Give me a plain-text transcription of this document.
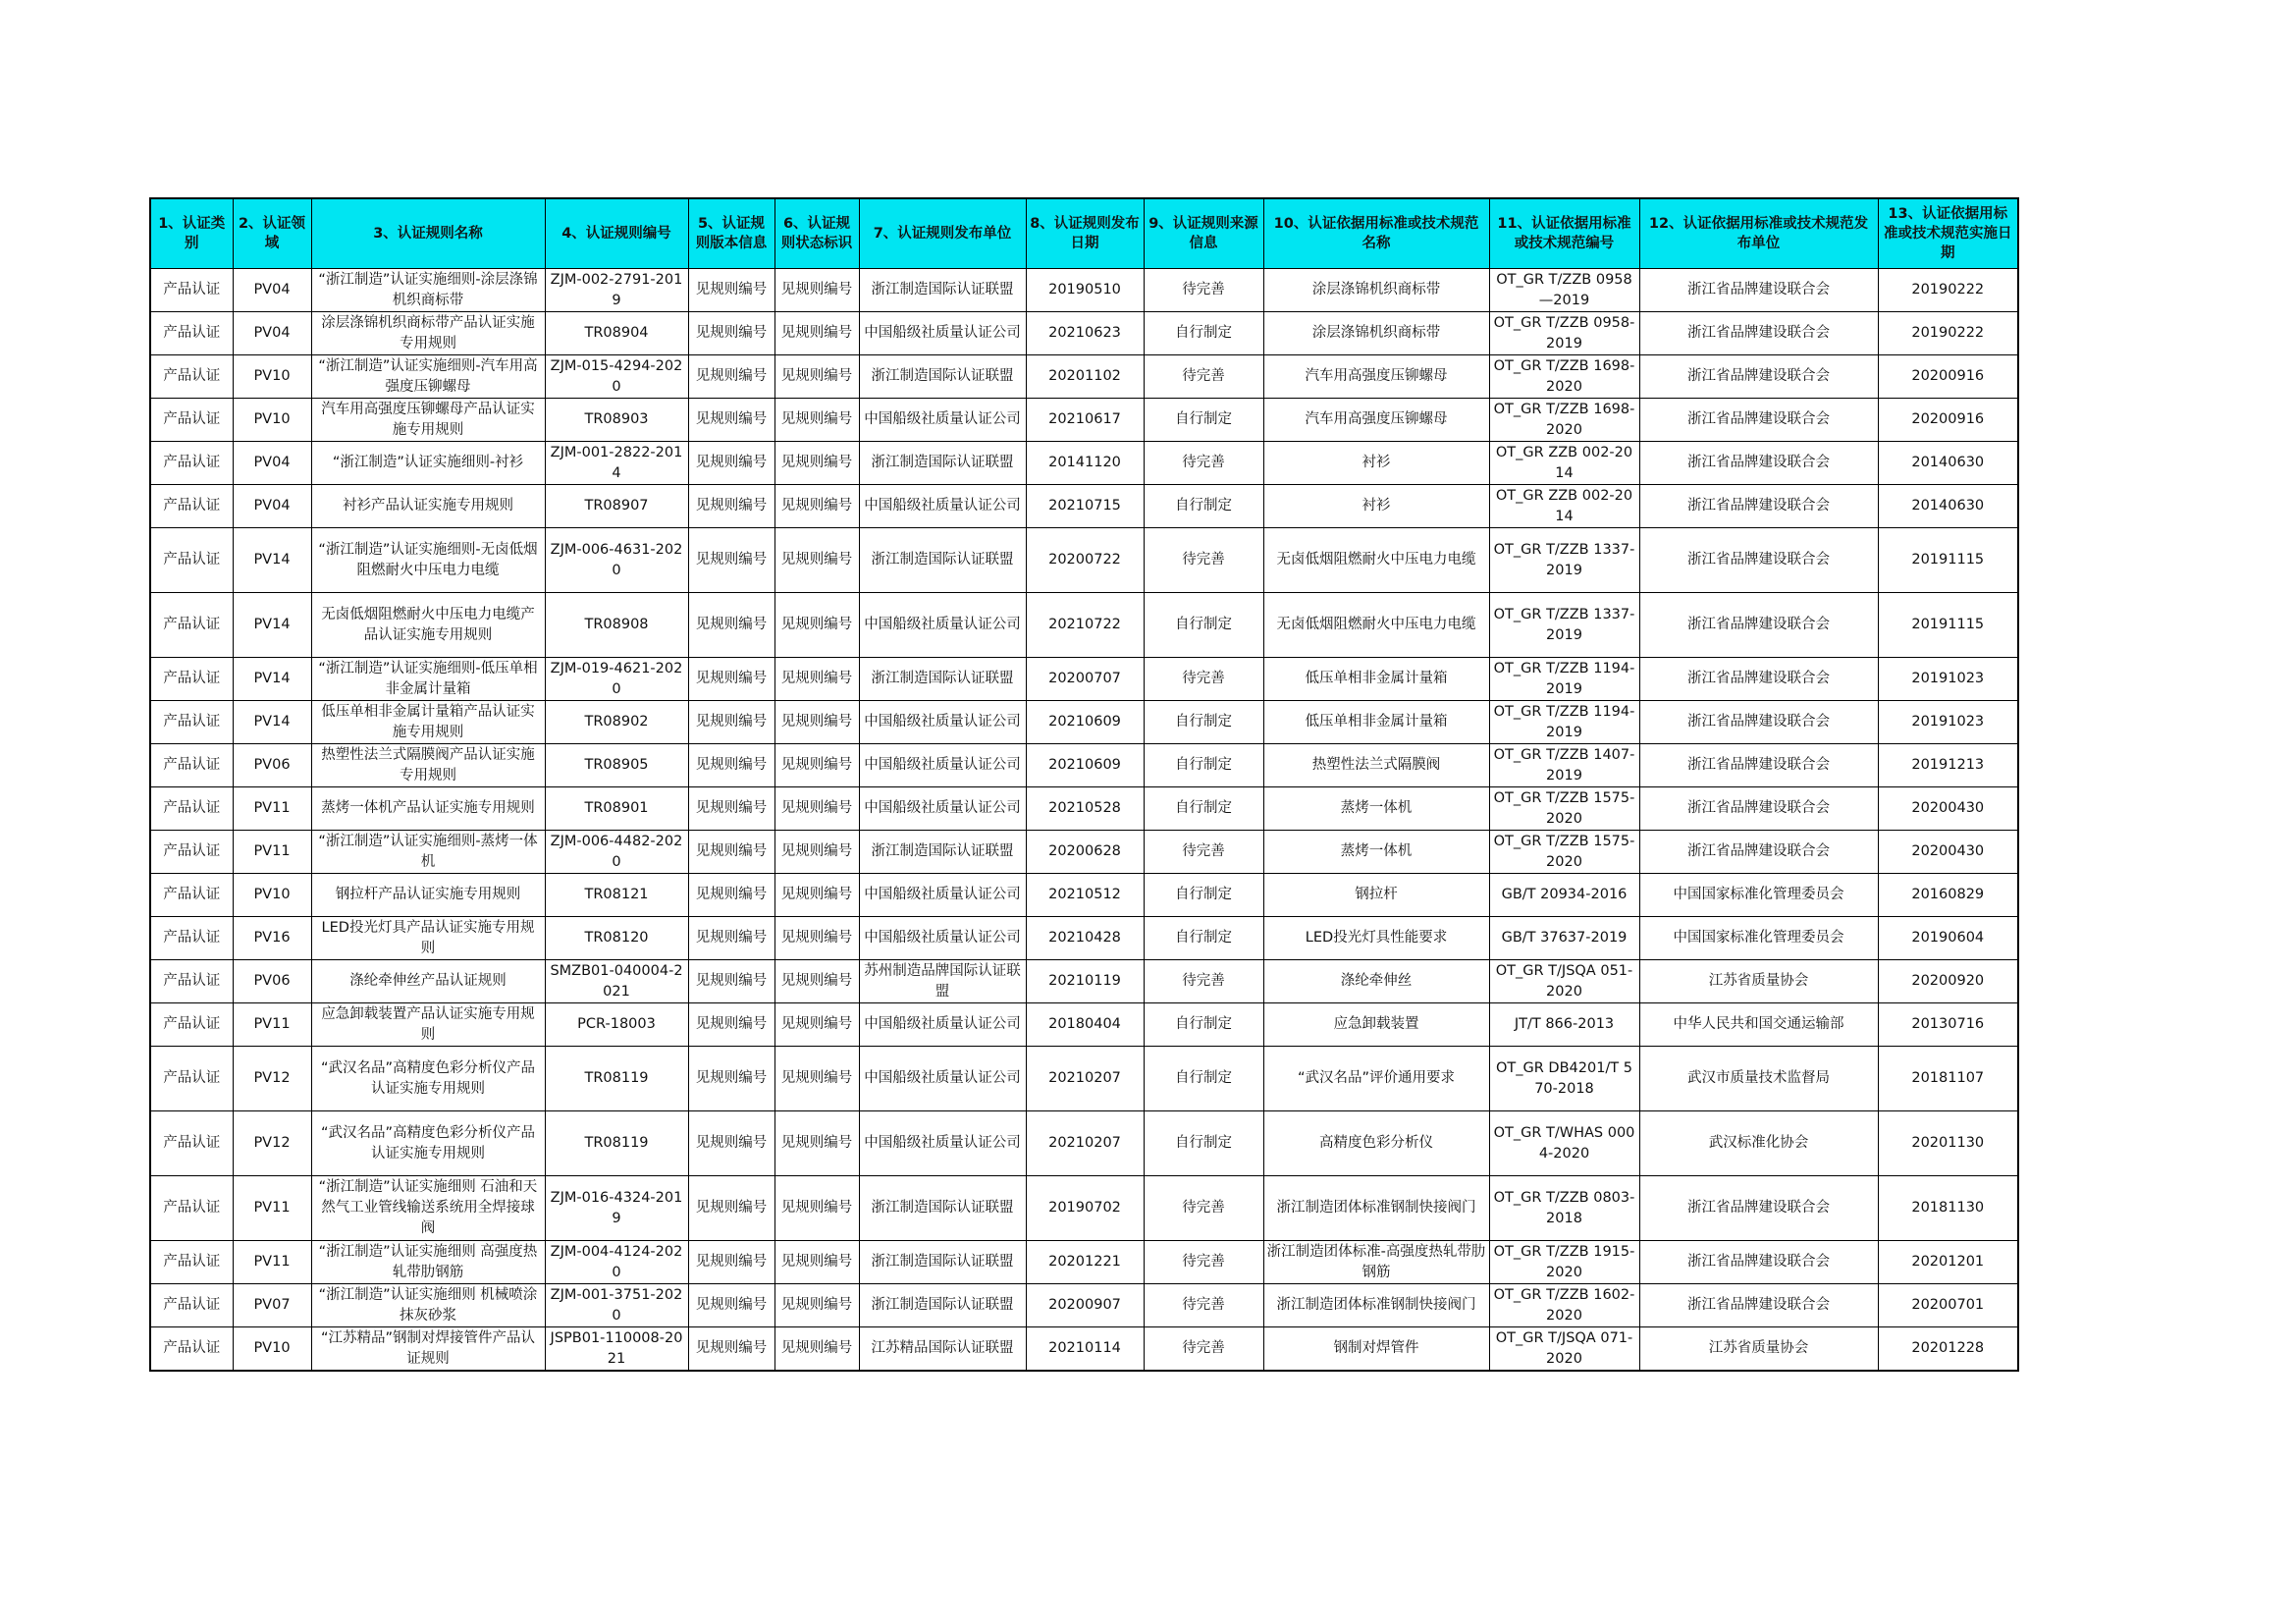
1、认证类别	2、认证领域	3、认证规则名称	4、认证规则编号	5、认证规则版本信息	6、认证规则状态标识	7、认证规则发布单位	8、认证规则发布日期	9、认证规则来源信息	10、认证依据用标准或技术规范名称	11、认证依据用标准或技术规范编号	12、认证依据用标准或技术规范发布单位	13、认证依据用标准或技术规范实施日期

产品认证	PV04	“浙江制造”认证实施细则-涂层涤锦机织商标带	ZJM-002-2791-2019	见规则编号	见规则编号	浙江制造国际认证联盟	20190510	待完善	涂层涤锦机织商标带	OT_GR T/ZZB 0958—2019	浙江省品牌建设联合会	20190222

产品认证	PV04	涂层涤锦机织商标带产品认证实施专用规则	TR08904	见规则编号	见规则编号	中国船级社质量认证公司	20210623	自行制定	涂层涤锦机织商标带	OT_GR T/ZZB 0958-2019	浙江省品牌建设联合会	20190222

产品认证	PV10	“浙江制造”认证实施细则-汽车用高强度压铆螺母	ZJM-015-4294-2020	见规则编号	见规则编号	浙江制造国际认证联盟	20201102	待完善	汽车用高强度压铆螺母	OT_GR T/ZZB 1698-2020	浙江省品牌建设联合会	20200916

产品认证	PV10	汽车用高强度压铆螺母产品认证实施专用规则	TR08903	见规则编号	见规则编号	中国船级社质量认证公司	20210617	自行制定	汽车用高强度压铆螺母	OT_GR T/ZZB 1698-2020	浙江省品牌建设联合会	20200916

产品认证	PV04	“浙江制造”认证实施细则-衬衫	ZJM-001-2822-2014	见规则编号	见规则编号	浙江制造国际认证联盟	20141120	待完善	衬衫	OT_GR ZZB 002-2014	浙江省品牌建设联合会	20140630

产品认证	PV04	衬衫产品认证实施专用规则	TR08907	见规则编号	见规则编号	中国船级社质量认证公司	20210715	自行制定	衬衫	OT_GR ZZB 002-2014	浙江省品牌建设联合会	20140630

产品认证	PV14	“浙江制造”认证实施细则-无卤低烟阻燃耐火中压电力电缆	ZJM-006-4631-2020	见规则编号	见规则编号	浙江制造国际认证联盟	20200722	待完善	无卤低烟阻燃耐火中压电力电缆	OT_GR T/ZZB 1337-2019	浙江省品牌建设联合会	20191115

产品认证	PV14	无卤低烟阻燃耐火中压电力电缆产品认证实施专用规则	TR08908	见规则编号	见规则编号	中国船级社质量认证公司	20210722	自行制定	无卤低烟阻燃耐火中压电力电缆	OT_GR T/ZZB 1337-2019	浙江省品牌建设联合会	20191115

产品认证	PV14	“浙江制造”认证实施细则-低压单相非金属计量箱	ZJM-019-4621-2020	见规则编号	见规则编号	浙江制造国际认证联盟	20200707	待完善	低压单相非金属计量箱	OT_GR T/ZZB 1194-2019	浙江省品牌建设联合会	20191023

产品认证	PV14	低压单相非金属计量箱产品认证实施专用规则	TR08902	见规则编号	见规则编号	中国船级社质量认证公司	20210609	自行制定	低压单相非金属计量箱	OT_GR T/ZZB 1194-2019	浙江省品牌建设联合会	20191023

产品认证	PV06	热塑性法兰式隔膜阀产品认证实施专用规则	TR08905	见规则编号	见规则编号	中国船级社质量认证公司	20210609	自行制定	热塑性法兰式隔膜阀	OT_GR T/ZZB 1407-2019	浙江省品牌建设联合会	20191213

产品认证	PV11	蒸烤一体机产品认证实施专用规则	TR08901	见规则编号	见规则编号	中国船级社质量认证公司	20210528	自行制定	蒸烤一体机	OT_GR T/ZZB 1575-2020	浙江省品牌建设联合会	20200430

产品认证	PV11	“浙江制造”认证实施细则-蒸烤一体机	ZJM-006-4482-2020	见规则编号	见规则编号	浙江制造国际认证联盟	20200628	待完善	蒸烤一体机	OT_GR T/ZZB 1575-2020	浙江省品牌建设联合会	20200430

产品认证	PV10	钢拉杆产品认证实施专用规则	TR08121	见规则编号	见规则编号	中国船级社质量认证公司	20210512	自行制定	钢拉杆	GB/T 20934-2016	中国国家标准化管理委员会	20160829

产品认证	PV16	LED投光灯具产品认证实施专用规则	TR08120	见规则编号	见规则编号	中国船级社质量认证公司	20210428	自行制定	LED投光灯具性能要求	GB/T 37637-2019	中国国家标准化管理委员会	20190604

产品认证	PV06	涤纶牵伸丝产品认证规则	SMZB01-040004-2021	见规则编号	见规则编号	苏州制造品牌国际认证联盟	20210119	待完善	涤纶牵伸丝	OT_GR T/JSQA 051-2020	江苏省质量协会	20200920

产品认证	PV11	应急卸载装置产品认证实施专用规则	PCR-18003	见规则编号	见规则编号	中国船级社质量认证公司	20180404	自行制定	应急卸载装置	JT/T 866-2013	中华人民共和国交通运输部	20130716

产品认证	PV12	“武汉名品”高精度色彩分析仪产品认证实施专用规则	TR08119	见规则编号	见规则编号	中国船级社质量认证公司	20210207	自行制定	“武汉名品”评价通用要求	OT_GR DB4201/T 570-2018	武汉市质量技术监督局	20181107

产品认证	PV12	“武汉名品”高精度色彩分析仪产品认证实施专用规则	TR08119	见规则编号	见规则编号	中国船级社质量认证公司	20210207	自行制定	高精度色彩分析仪	OT_GR T/WHAS 0004-2020	武汉标准化协会	20201130

产品认证	PV11	“浙江制造”认证实施细则 石油和天然气工业管线输送系统用全焊接球阀	ZJM-016-4324-2019	见规则编号	见规则编号	浙江制造国际认证联盟	20190702	待完善	浙江制造团体标准钢制快接阀门	OT_GR T/ZZB 0803-2018	浙江省品牌建设联合会	20181130

产品认证	PV11	“浙江制造”认证实施细则 高强度热轧带肋钢筋	ZJM-004-4124-2020	见规则编号	见规则编号	浙江制造国际认证联盟	20201221	待完善	浙江制造团体标准-高强度热轧带肋钢筋	OT_GR T/ZZB 1915-2020	浙江省品牌建设联合会	20201201

产品认证	PV07	“浙江制造”认证实施细则 机械喷涂抹灰砂浆	ZJM-001-3751-2020	见规则编号	见规则编号	浙江制造国际认证联盟	20200907	待完善	浙江制造团体标准钢制快接阀门	OT_GR T/ZZB 1602-2020	浙江省品牌建设联合会	20200701

产品认证	PV10	“江苏精品”钢制对焊接管件产品认证规则	JSPB01-110008-2021	见规则编号	见规则编号	江苏精品国际认证联盟	20210114	待完善	钢制对焊管件	OT_GR T/JSQA 071-2020	江苏省质量协会	20201228
